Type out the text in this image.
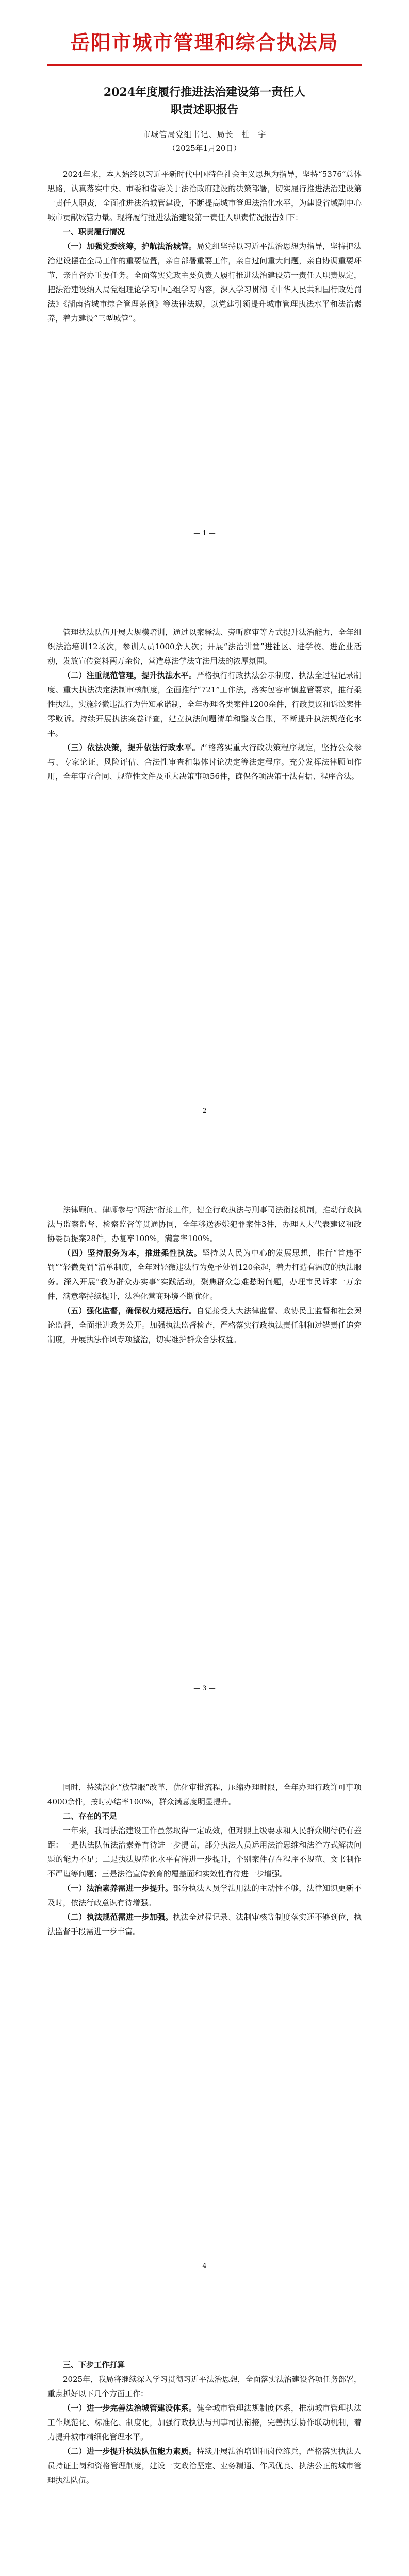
岳阳市城市管理和综合执法局
2024年度履行推进法治建设第一责任人
职责述职报告
市城管局党组书记、局长　杜　宇
（2025年1月20日）

2024年来，本人始终以习近平新时代中国特色社会主义思想为指导，坚持“5376”总体思路，认真落实中央、市委和省委关于法治政府建设的决策部署，切实履行推进法治建设第一责任人职责，全面推进法治城管建设，不断提高城市管理法治化水平，为建设省域副中心城市贡献城管力量。现将履行推进法治建设第一责任人职责情况报告如下：

一、职责履行情况

（一）加强党委统筹，护航法治城管。局党组坚持以习近平法治思想为指导，坚持把法治建设摆在全局工作的重要位置，亲自部署重要工作，亲自过问重大问题，亲自协调重要环节，亲自督办重要任务。全面落实党政主要负责人履行推进法治建设第一责任人职责规定，把法治建设纳入局党组理论学习中心组学习内容，深入学习贯彻《中华人民共和国行政处罚法》《湖南省城市综合管理条例》等法律法规，以党建引领提升城市管理执法水平和法治素养，着力建设“三型城管”。

— 1 —

管理执法队伍开展大规模培训，通过以案释法、旁听庭审等方式提升法治能力，全年组织法治培训12场次，参训人员1000余人次；开展“法治讲堂”进社区、进学校、进企业活动，发放宣传资料两万余份，营造尊法学法守法用法的浓厚氛围。

（二）注重规范管理，提升执法水平。严格执行行政执法公示制度、执法全过程记录制度、重大执法决定法制审核制度，全面推行“721”工作法，落实包容审慎监管要求，推行柔性执法，实施轻微违法行为告知承诺制，全年办理各类案件1200余件，行政复议和诉讼案件零败诉。持续开展执法案卷评查，建立执法问题清单和整改台账，不断提升执法规范化水平。

（三）依法决策，提升依法行政水平。严格落实重大行政决策程序规定，坚持公众参与、专家论证、风险评估、合法性审查和集体讨论决定等法定程序。充分发挥法律顾问作用，全年审查合同、规范性文件及重大决策事项56件，确保各项决策于法有据、程序合法。

— 2 —

法律顾问、律师参与“两法”衔接工作，健全行政执法与刑事司法衔接机制，推动行政执法与监察监督、检察监督等贯通协同，全年移送涉嫌犯罪案件3件，办理人大代表建议和政协委员提案28件，办复率100%，满意率100%。

（四）坚持服务为本，推进柔性执法。坚持以人民为中心的发展思想，推行“首违不罚”“轻微免罚”清单制度，全年对轻微违法行为免予处罚120余起，着力打造有温度的执法服务。深入开展“我为群众办实事”实践活动，聚焦群众急难愁盼问题，办理市民诉求一万余件，满意率持续提升，法治化营商环境不断优化。

（五）强化监督，确保权力规范运行。自觉接受人大法律监督、政协民主监督和社会舆论监督，全面推进政务公开。加强执法监督检查，严格落实行政执法责任制和过错责任追究制度，开展执法作风专项整治，切实维护群众合法权益。

— 3 —

同时，持续深化“放管服”改革，优化审批流程，压缩办理时限，全年办理行政许可事项4000余件，按时办结率100%，群众满意度明显提升。

二、存在的不足

一年来，我局法治建设工作虽然取得一定成效，但对照上级要求和人民群众期待仍有差距：一是执法队伍法治素养有待进一步提高，部分执法人员运用法治思维和法治方式解决问题的能力不足；二是执法规范化水平有待进一步提升，个别案件存在程序不规范、文书制作不严谨等问题；三是法治宣传教育的覆盖面和实效性有待进一步增强。

（一）法治素养需进一步提升。部分执法人员学法用法的主动性不够，法律知识更新不及时，依法行政意识有待增强。

（二）执法规范需进一步加强。执法全过程记录、法制审核等制度落实还不够到位，执法监督手段需进一步丰富。

— 4 —

三、下步工作打算

2025年，我局将继续深入学习贯彻习近平法治思想，全面落实法治建设各项任务部署，重点抓好以下几个方面工作：

（一）进一步完善法治城管建设体系。健全城市管理法规制度体系，推动城市管理执法工作规范化、标准化、制度化，加强行政执法与刑事司法衔接，完善执法协作联动机制，着力提升城市精细化管理水平。

（二）进一步提升执法队伍能力素质。持续开展法治培训和岗位练兵，严格落实执法人员持证上岗和资格管理制度，建设一支政治坚定、业务精通、作风优良、执法公正的城市管理执法队伍。
